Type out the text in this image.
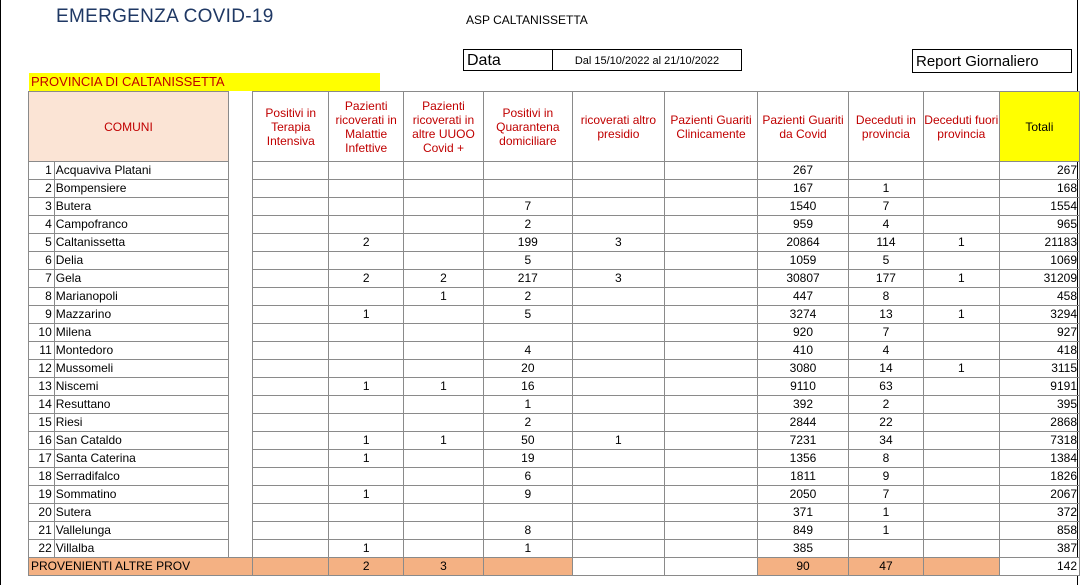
EMERGENZA COVID-19	ASP CALTANISSETTA
Data	Dal 15/10/2022 al 21/10/2022	Report Giornaliero
PROVINCIA DI CALTANISSETTA
COMUNI			Positivi in Terapia Intensiva	Pazienti ricoverati in Malattie Infettive	Pazienti ricoverati in altre UUOO Covid +	Positivi in Quarantena domiciliare	ricoverati altro presidio	Pazienti Guariti Clinicamente	Pazienti Guariti da Covid	Deceduti in provincia	Deceduti fuori provincia	Totali
1	Acquaviva Platani								267			267
2	Bompensiere								167	1		168
3	Butera					7			1540	7		1554
4	Campofranco					2			959	4		965
5	Caltanissetta			2		199	3		20864	114	1	21183
6	Delia					5			1059	5		1069
7	Gela			2	2	217	3		30807	177	1	31209
8	Marianopoli				1	2			447	8		458
9	Mazzarino			1		5			3274	13	1	3294
10	Milena								920	7		927
11	Montedoro					4			410	4		418
12	Mussomeli					20			3080	14	1	3115
13	Niscemi			1	1	16			9110	63		9191
14	Resuttano					1			392	2		395
15	Riesi					2			2844	22		2868
16	San Cataldo			1	1	50	1		7231	34		7318
17	Santa Caterina			1		19			1356	8		1384
18	Serradifalco					6			1811	9		1826
19	Sommatino			1		9			2050	7		2067
20	Sutera								371	1		372
21	Vallelunga					8			849	1		858
22	Villalba			1		1			385			387
PROVENIENTI ALTRE PROV				2	3				90	47		142
